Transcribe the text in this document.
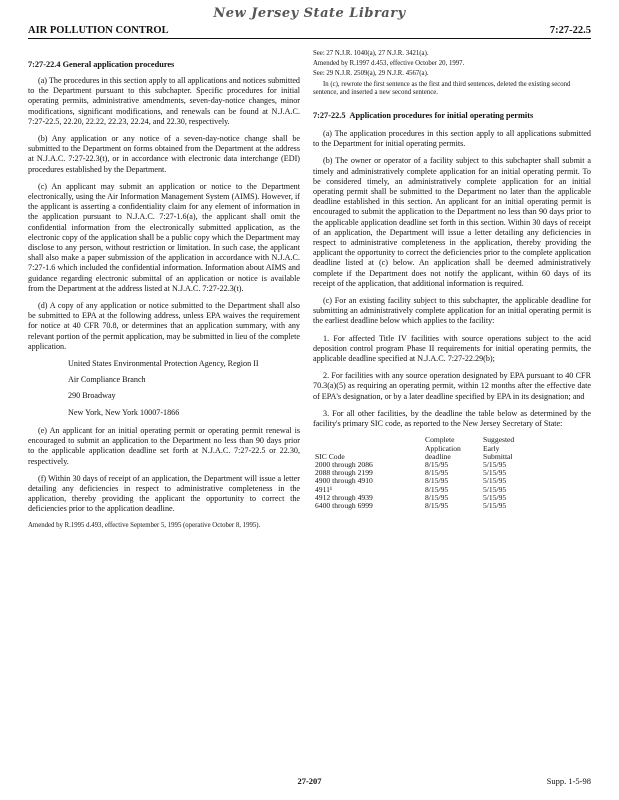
New Jersey State Library
AIR POLLUTION CONTROL	7:27-22.5
7:27-22.4 General application procedures

(a) The procedures in this section apply to all applications and notices submitted to the Department pursuant to this subchapter. Specific procedures for initial operating permits, administrative amendments, seven-day-notice changes, minor modifications, significant modifications, and renewals can be found at N.J.A.C. 7:27-22.5, 22.20, 22.22, 22.23, 22.24, and 22.30, respectively.

(b) Any application or any notice of a seven-day-notice change shall be submitted to the Department on forms obtained from the Department at the address at N.J.A.C. 7:27-22.3(t), or in accordance with electronic data interchange (EDI) procedures established by the Department.

(c) An applicant may submit an application or notice to the Department electronically, using the Air Information Management System (AIMS). However, if the applicant is asserting a confidentiality claim for any element of information in the application pursuant to N.J.A.C. 7:27-1.6(a), the applicant shall omit the confidential information from the electronically submitted application, as the electronic copy of the application shall be a public copy which the Department may disclose to any person, without restriction or limitation. In such case, the applicant shall also make a paper submission of the application in accordance with N.J.A.C. 7:27-1.6 which included the confidential information. Information about AIMS and guidance regarding electronic submittal of an application or notice is available from the Department at the address listed at N.J.A.C. 7:27-22.3(t).

(d) A copy of any application or notice submitted to the Department shall also be submitted to EPA at the following address, unless EPA waives the requirement for notice at 40 CFR 70.8, or determines that an application summary, with any relevant portion of the permit application, may be submitted in lieu of the complete application.

United States Environmental Protection Agency, Region II
Air Compliance Branch
290 Broadway
New York, New York 10007-1866

(e) An applicant for an initial operating permit or operating permit renewal is encouraged to submit an application to the Department no less than 90 days prior to the applicable application deadline set forth at N.J.A.C. 7:27-22.5 or 22.30, respectively.

(f) Within 30 days of receipt of an application, the Department will issue a letter detailing any deficiencies in respect to administrative completeness in the application, thereby providing the applicant the opportunity to correct the deficiencies prior to the application deadline.

Amended by R.1995 d.493, effective September 5, 1995 (operative October 8, 1995).
See: 27 N.J.R. 1040(a), 27 N.J.R. 3421(a).
Amended by R.1997 d.453, effective October 20, 1997.
See: 29 N.J.R. 2509(a), 29 N.J.R. 4567(a).
In (c), rewrote the first sentence as the first and third sentences, deleted the existing second sentence, and inserted a new second sentence.
7:27-22.5 Application procedures for initial operating permits

(a) The application procedures in this section apply to all applications submitted to the Department for initial operating permits.

(b) The owner or operator of a facility subject to this subchapter shall submit a timely and administratively complete application for an initial operating permit. To be considered timely, an administratively complete application for an initial operating permit shall be submitted to the Department no later than the applicable deadline established in this section. An applicant for an initial operating permit is encouraged to submit the application to the Department no less than 90 days prior to the applicable application deadline set forth in this section. Within 30 days of receipt of an application, the Department will issue a letter detailing any deficiencies in respect to administrative completeness in the application, thereby providing the applicant the opportunity to correct the deficiencies prior to the complete application deadline listed at (c) below. An application shall be deemed administratively complete if the Department does not notify the applicant, within 60 days of its receipt of the application, that additional information is required.

(c) For an existing facility subject to this subchapter, the applicable deadline for submitting an administratively complete application for an initial operating permit is the earliest deadline below which applies to the facility:

1. For affected Title IV facilities with source operations subject to the acid deposition control program Phase II requirements for initial operating permits, the applicable deadline specified at N.J.A.C. 7:27-22.29(b);

2. For facilities with any source operation designated by EPA pursuant to 40 CFR 70.3(a)(5) as requiring an operating permit, within 12 months after the effective date of EPA's designation, or by a later deadline specified by EPA in its designation; and

3. For all other facilities, by the deadline the table below as determined by the facility's primary SIC code, as reported to the New Jersey Secretary of State:

	Complete	Suggested
	Application	Early
SIC Code	deadline	Submittal
2000 through 2086	8/15/95	5/15/95
2088 through 2199	8/15/95	5/15/95
4900 through 4910	8/15/95	5/15/95
4911¹	8/15/95	5/15/95
4912 through 4939	8/15/95	5/15/95
6400 through 6999	8/15/95	5/15/95
27-207	Supp. 1-5-98
